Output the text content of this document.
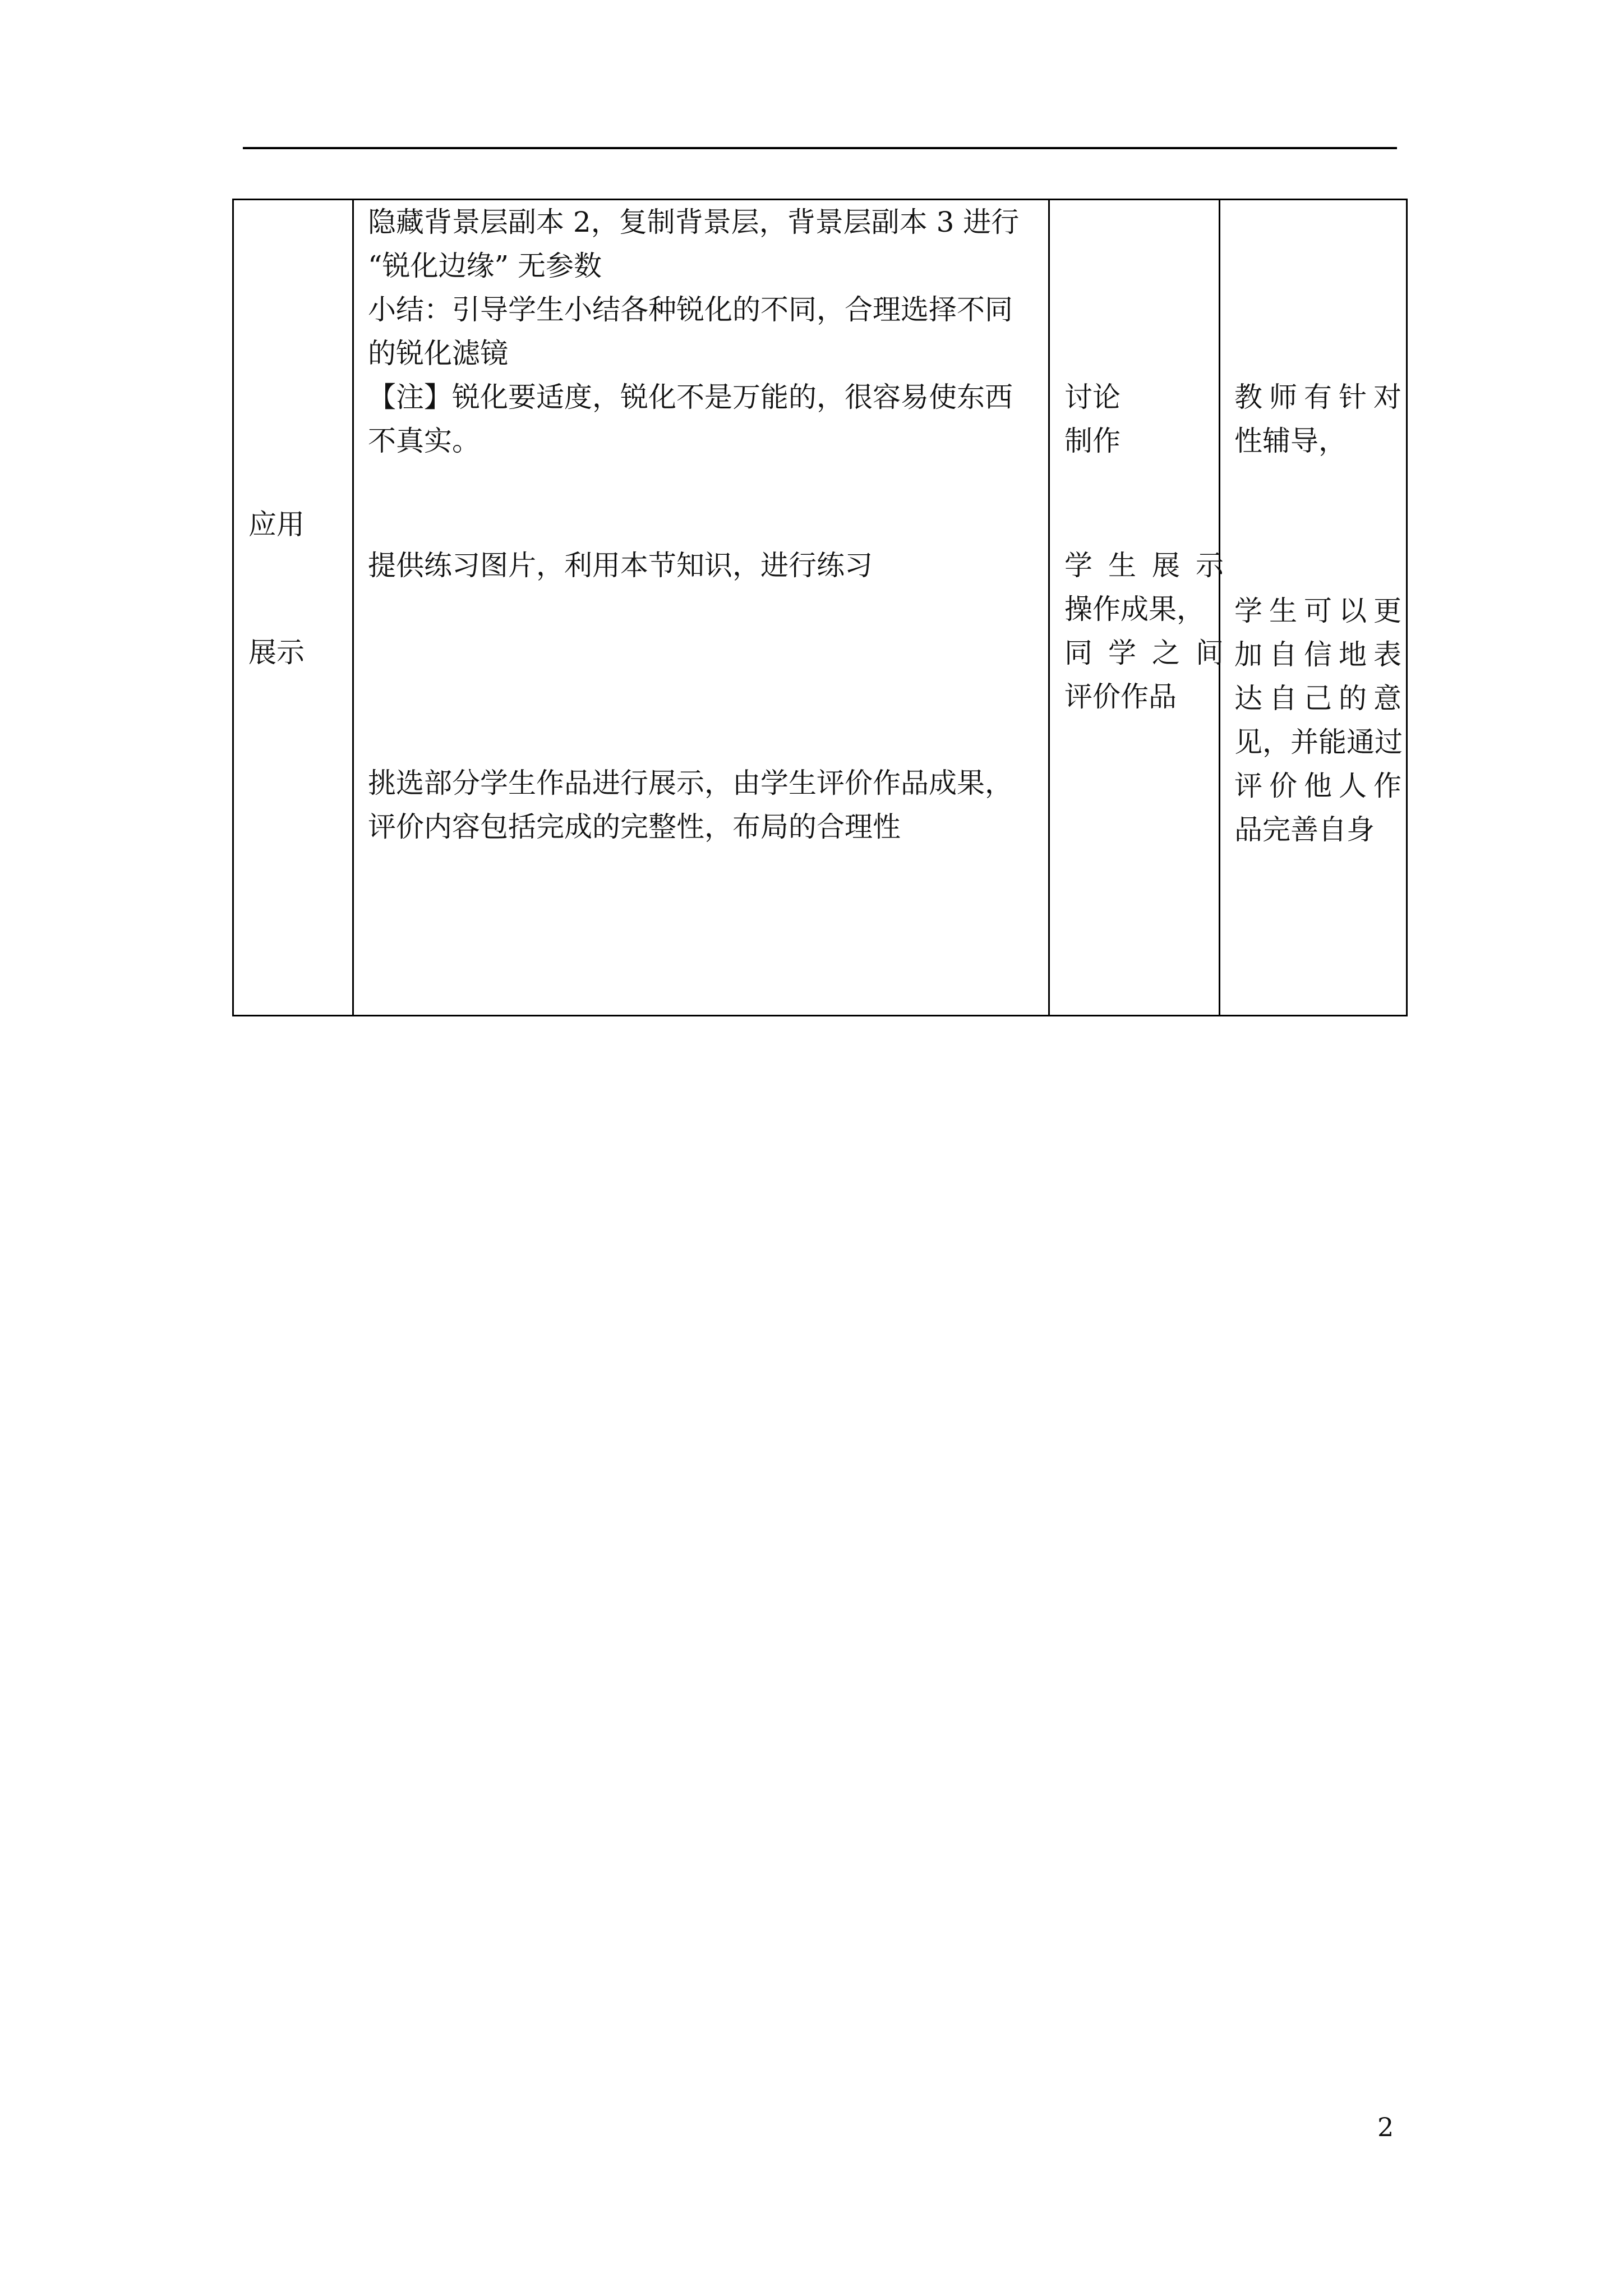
应用
展示
隐藏背景层副本 2，复制背景层，背景层副本 3 进行
“锐化边缘” 无参数
小结：引导学生小结各种锐化的不同，合理选择不同
的锐化滤镜
【注】锐化要适度，锐化不是万能的，很容易使东西
不真实。
提供练习图片，利用本节知识，进行练习
挑选部分学生作品进行展示，由学生评价作品成果，
评价内容包括完成的完整性，布局的合理性
讨论
制作
学生展示
操作成果，
同学之间
评价作品
教师有针对
性辅导，
学生可以更
加自信地表
达自己的意
见，并能通过
评价他人作
品完善自身
2
